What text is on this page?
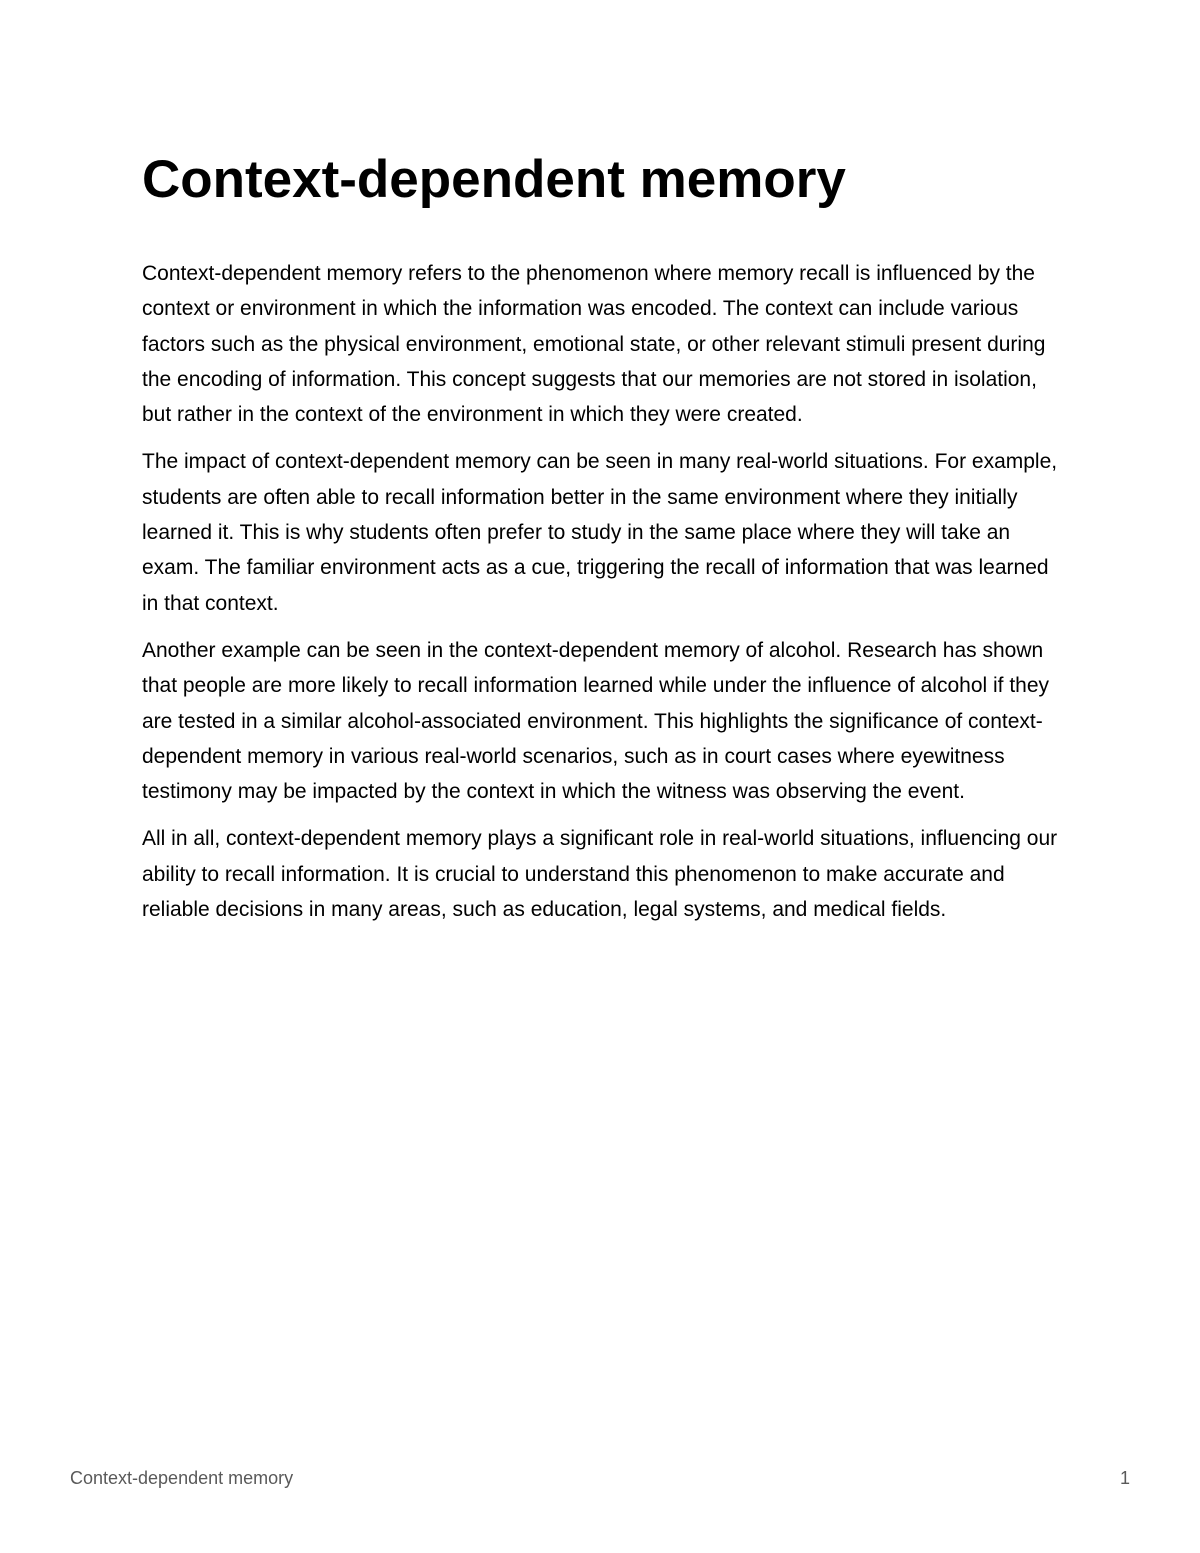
Context-dependent memory

Context-dependent memory refers to the phenomenon where memory recall is influenced by the context or environment in which the information was encoded. The context can include various factors such as the physical environment, emotional state, or other relevant stimuli present during the encoding of information. This concept suggests that our memories are not stored in isolation, but rather in the context of the environment in which they were created.

The impact of context-dependent memory can be seen in many real-world situations. For example, students are often able to recall information better in the same environment where they initially learned it. This is why students often prefer to study in the same place where they will take an exam. The familiar environment acts as a cue, triggering the recall of information that was learned in that context.

Another example can be seen in the context-dependent memory of alcohol. Research has shown that people are more likely to recall information learned while under the influence of alcohol if they are tested in a similar alcohol-associated environment. This highlights the significance of context-dependent memory in various real-world scenarios, such as in court cases where eyewitness testimony may be impacted by the context in which the witness was observing the event.

All in all, context-dependent memory plays a significant role in real-world situations, influencing our ability to recall information. It is crucial to understand this phenomenon to make accurate and reliable decisions in many areas, such as education, legal systems, and medical fields.

Context-dependent memory	1
